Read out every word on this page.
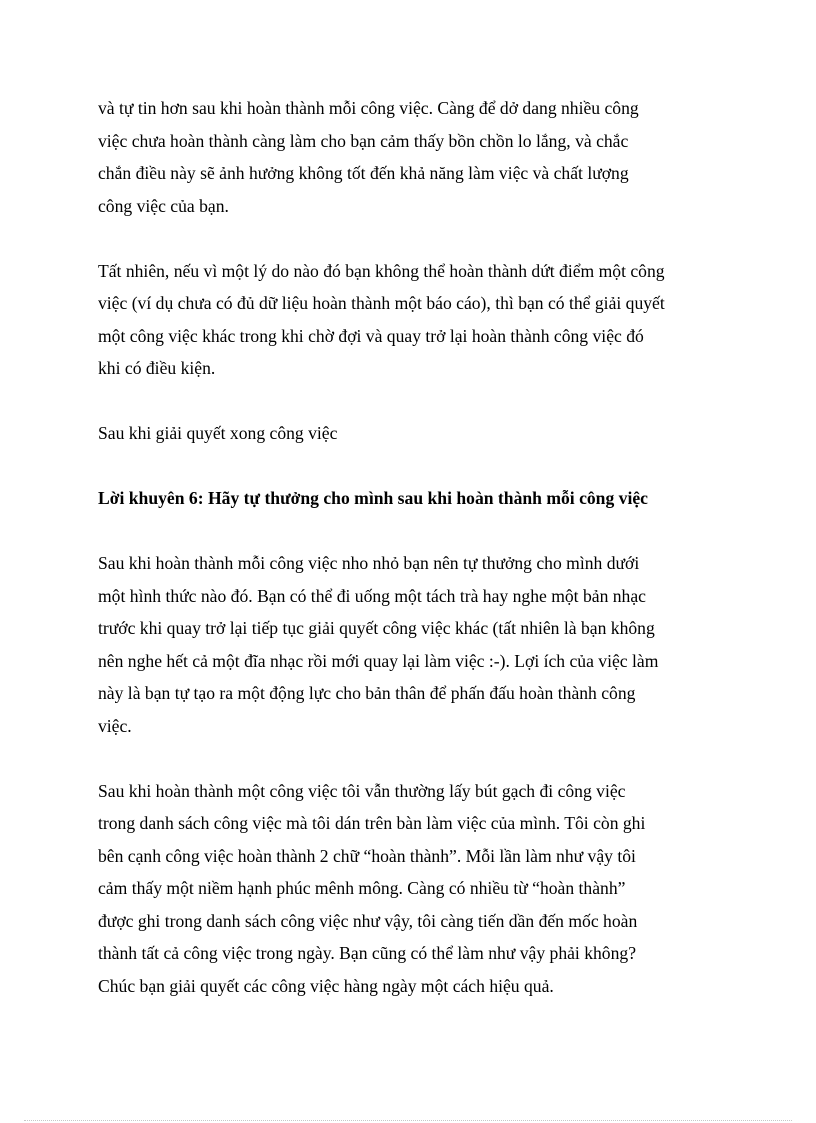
và tự tin hơn sau khi hoàn thành mỗi công việc. Càng để dở dang nhiều công
việc chưa hoàn thành càng làm cho bạn cảm thấy bồn chồn lo lắng, và chắc
chắn điều này sẽ ảnh hưởng không tốt đến khả năng làm việc và chất lượng
công việc của bạn.

Tất nhiên, nếu vì một lý do nào đó bạn không thể hoàn thành dứt điểm một công
việc (ví dụ chưa có đủ dữ liệu hoàn thành một báo cáo), thì bạn có thể giải quyết
một công việc khác trong khi chờ đợi và quay trở lại hoàn thành công việc đó
khi có điều kiện.

Sau khi giải quyết xong công việc

Lời khuyên 6: Hãy tự thưởng cho mình sau khi hoàn thành mỗi công việc

Sau khi hoàn thành mỗi công việc nho nhỏ bạn nên tự thưởng cho mình dưới
một hình thức nào đó. Bạn có thể đi uống một tách trà hay nghe một bản nhạc
trước khi quay trở lại tiếp tục giải quyết công việc khác (tất nhiên là bạn không
nên nghe hết cả một đĩa nhạc rồi mới quay lại làm việc :-). Lợi ích của việc làm
này là bạn tự tạo ra một động lực cho bản thân để phấn đấu hoàn thành công
việc.

Sau khi hoàn thành một công việc tôi vẫn thường lấy bút gạch đi công việc
trong danh sách công việc mà tôi dán trên bàn làm việc của mình. Tôi còn ghi
bên cạnh công việc hoàn thành 2 chữ “hoàn thành”. Mỗi lần làm như vậy tôi
cảm thấy một niềm hạnh phúc mênh mông. Càng có nhiều từ “hoàn thành”
được ghi trong danh sách công việc như vậy, tôi càng tiến dần đến mốc hoàn
thành tất cả công việc trong ngày. Bạn cũng có thể làm như vậy phải không?
Chúc bạn giải quyết các công việc hàng ngày một cách hiệu quả.
